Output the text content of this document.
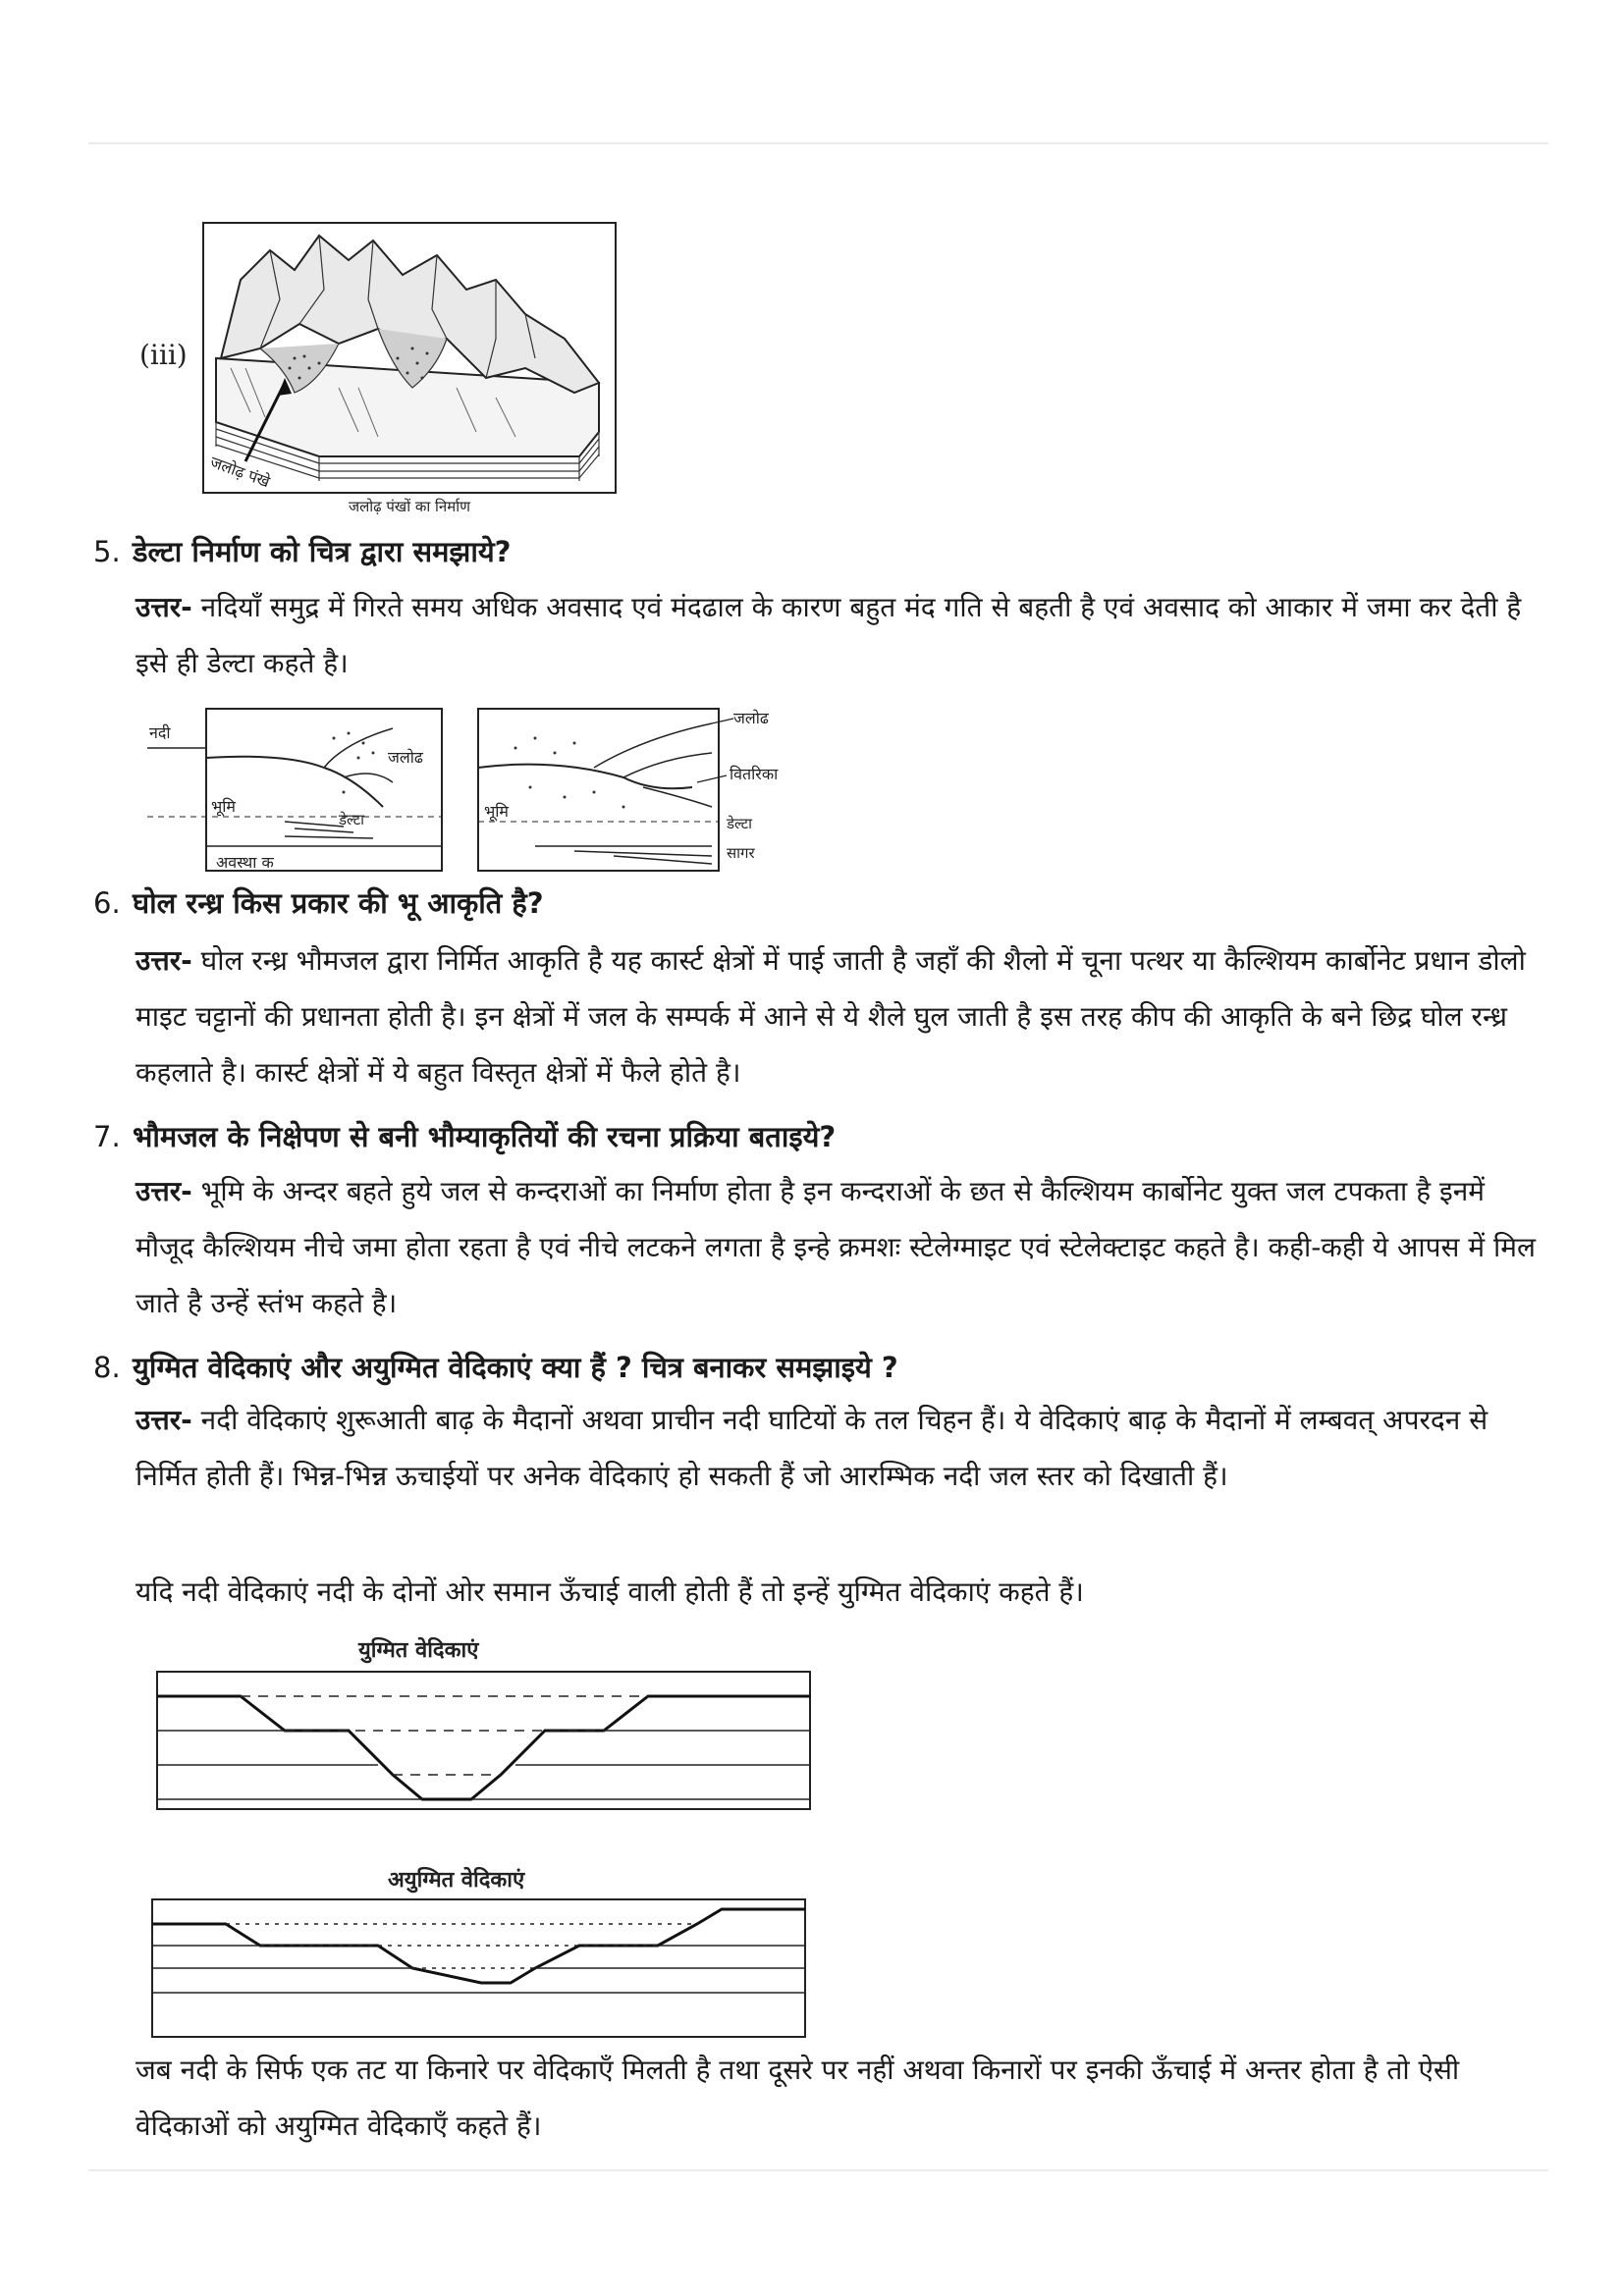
(iii)
जलोढ़ पंखे
जलोढ़ पंखों का निर्माण
5. डेल्टा निर्माण को चित्र द्वारा समझाये?
उत्तर- नदियाँ समुद्र में गिरते समय अधिक अवसाद एवं मंदढाल के कारण बहुत मंद गति से बहती है एवं अवसाद को आकार में जमा कर देती है इसे ही डेल्टा कहते है।
नदी
जलोढ
भूमि
डेल्टा
अवस्था क
जलोढ
वितरिका
भूमि
डेल्टा
सागर
6. घोल रन्ध्र किस प्रकार की भू आकृति है?
उत्तर- घोल रन्ध्र भौमजल द्वारा निर्मित आकृति है यह कार्स्ट क्षेत्रों में पाई जाती है जहाँ की शैलो में चूना पत्थर या कैल्शियम कार्बोनेट प्रधान डोलो माइट चट्टानों की प्रधानता होती है। इन क्षेत्रों में जल के सम्पर्क में आने से ये शैले घुल जाती है इस तरह कीप की आकृति के बने छिद्र घोल रन्ध्र कहलाते है। कार्स्ट क्षेत्रों में ये बहुत विस्तृत क्षेत्रों में फैले होते है।
7. भौमजल के निक्षेपण से बनी भौम्याकृतियों की रचना प्रक्रिया बताइये?
उत्तर- भूमि के अन्दर बहते हुये जल से कन्दराओं का निर्माण होता है इन कन्दराओं के छत से कैल्शियम कार्बोनेट युक्त जल टपकता है इनमें मौजूद कैल्शियम नीचे जमा होता रहता है एवं नीचे लटकने लगता है इन्हे क्रमशः स्टेलेग्माइट एवं स्टेलेक्टाइट कहते है। कही-कही ये आपस में मिल जाते है उन्हें स्तंभ कहते है।
8. युग्मित वेदिकाएं और अयुग्मित वेदिकाएं क्या हैं ? चित्र बनाकर समझाइये ?
उत्तर- नदी वेदिकाएं शुरूआती बाढ़ के मैदानों अथवा प्राचीन नदी घाटियों के तल चिहन हैं। ये वेदिकाएं बाढ़ के मैदानों में लम्बवत् अपरदन से निर्मित होती हैं। भिन्न-भिन्न ऊचाईयों पर अनेक वेदिकाएं हो सकती हैं जो आरम्भिक नदी जल स्तर को दिखाती हैं।
यदि नदी वेदिकाएं नदी के दोनों ओर समान ऊँचाई वाली होती हैं तो इन्हें युग्मित वेदिकाएं कहते हैं।
युग्मित वेदिकाएं
अयुग्मित वेदिकाएं
जब नदी के सिर्फ एक तट या किनारे पर वेदिकाएँ मिलती है तथा दूसरे पर नहीं अथवा किनारों पर इनकी ऊँचाई में अन्तर होता है तो ऐसी वेदिकाओं को अयुग्मित वेदिकाएँ कहते हैं।
